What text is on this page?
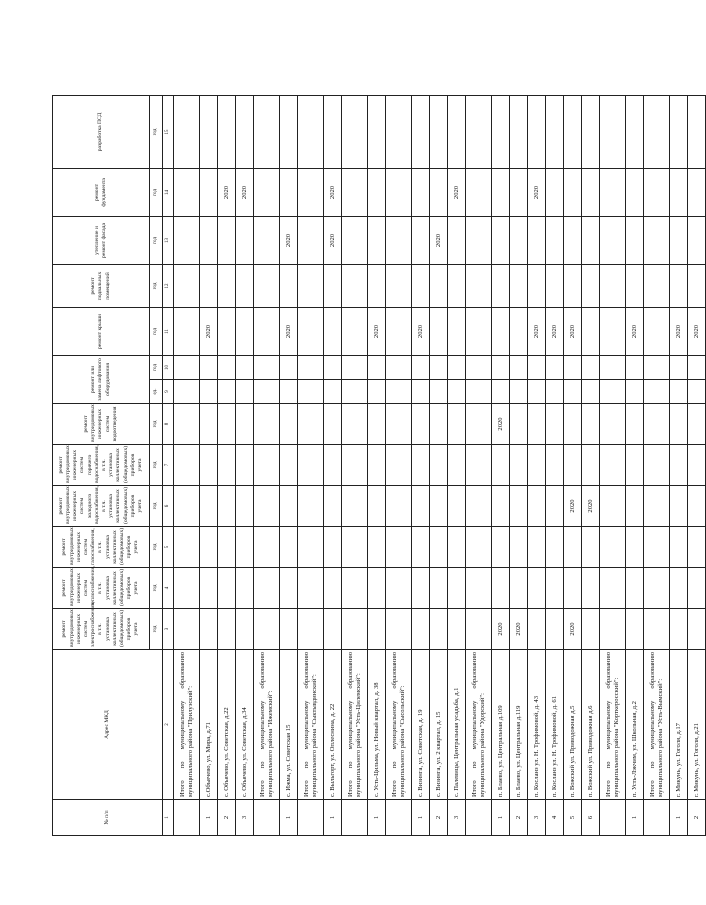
№ п/п	Адрес МКД	ремонт внутридомовых инженерных систем электроснабжения, в т.ч. установка коллективных (общедомовых) приборов учета	ремонт внутридомовых инженерных систем теплоснабжения, в т.ч. установка коллективных (общедомовых) приборов учета	ремонт внутридомовых инженерных систем газоснабжения, в т.ч. установка коллективных (общедомовых) приборов учета	ремонт внутридомовых инженерных систем холодного водоснабжения, в т.ч. установка коллективных (общедомовых) приборов учета	ремонт внутридомовых инженерных систем горячего водоснабжения, в т.ч. установка коллективных (общедомовых) приборов учета	ремонт внутридомовых инженерных систем водоотведения	ремонт или замена лифтового оборудования		ремонт крыши	ремонт подвальных помещений	утепление и ремонт фасада	ремонт фундамента	разработка ПСД
		год	год	год	год	год	год	ед.	год	год	год	год	год	год
1	2	3	4	5	6	7	8	9	10	11	12	13	14	15
	Итого по муниципальному образованию муниципального района "Прилузский":													
1	с.Объячево, ул. Мира, д.71									2020				
2	с. Объячево, ул. Советская, д.22												2020	
3	с. Объячево, ул. Советская, д.34												2020	
	Итого по муниципальному образованию муниципального района "Ижемский":													
1	с. Ижма, ул. Советская 15									2020		2020		
	Итого по муниципальному образованию муниципального района "Сыктывдинский":													
1	с. Выльгорт, ул. Оплеснина, д. 22											2020	2020	
	Итого по муниципальному образованию муниципального района "Усть-Цилемский":													
1	с. Усть-Цильма, ул. Новый квартал, д. 38									2020				
	Итого по муниципальному образованию муниципального района "Сысольский":													
1	с. Визинга, ул. Советская, д. 19									2020				
2	с. Визинга, ул. 2 квартал, д. 15											2020		
3	с. Палевицы, Центральная усадьба, д.1												2020	
	Итого по муниципальному образованию муниципального района "Удорский":													
1	п. Блаево, ул. Центральная д.109	2020					2020							
2	п. Блаево, ул. Центральная д.119	2020												
3	п. Косланз ул. Н. Трофимовой, д. 43									2020			2020	
4	п. Косланз ул. Н. Трофимовой, д. 61									2020				
5	п. Вожский ул. Приводожная д.5	2020			2020					2020				
6	п. Вожский ул. Приводожная д.6				2020									
	Итого по муниципальному образованию муниципального района "Корткеросский":													
1	п. Усть-Лэкчим, ул. Школьная, д.2									2020				
	Итого по муниципальному образованию муниципального района "Усть-Вымский":													
1	г. Микунь, ул. Гоголя, д.17									2020				
2	г. Микунь, ул. Гоголя, д.21									2020				
